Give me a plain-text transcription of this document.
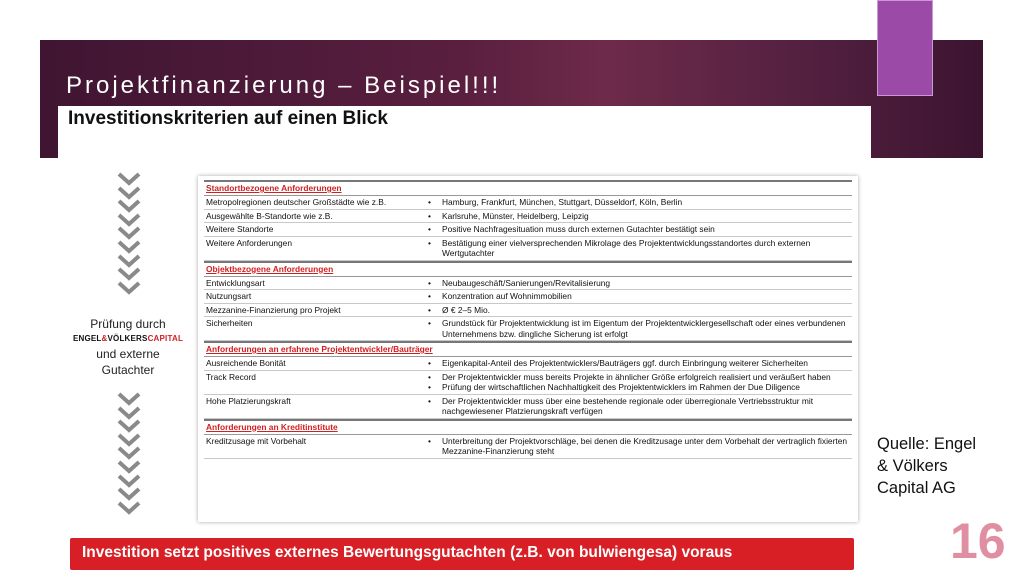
Projektfinanzierung – Beispiel!!!
Investitionskriterien auf einen Blick
Prüfung durch
ENGEL&VÖLKERSCAPITAL
und externe
Gutachter
Standortbezogene Anforderungen
Metropolregionen deutscher Großstädte wie z.B.	•	Hamburg, Frankfurt, München, Stuttgart, Düsseldorf, Köln, Berlin
Ausgewählte B-Standorte wie z.B.	•	Karlsruhe, Münster, Heidelberg, Leipzig
Weitere Standorte	•	Positive Nachfragesituation muss durch externen Gutachter bestätigt sein
Weitere Anforderungen	•	Bestätigung einer vielversprechenden Mikrolage des Projektentwicklungsstandortes durch externen Wertgutachter
Objektbezogene Anforderungen
Entwicklungsart	•	Neubaugeschäft/Sanierungen/Revitalisierung
Nutzungsart	•	Konzentration auf Wohnimmobilien
Mezzanine-Finanzierung pro Projekt	•	Ø € 2–5 Mio.
Sicherheiten	•	Grundstück für Projektentwicklung ist im Eigentum der Projektentwicklergesellschaft oder eines verbundenen Unternehmens bzw. dingliche Sicherung ist erfolgt
Anforderungen an erfahrene Projektentwickler/Bauträger
Ausreichende Bonität	•	Eigenkapital-Anteil des Projektentwicklers/Bauträgers ggf. durch Einbringung weiterer Sicherheiten
Track Record	•	Der Projektentwickler muss bereits Projekte in ähnlicher Größe erfolgreich realisiert und veräußert haben
•	Prüfung der wirtschaftlichen Nachhaltigkeit des Projektentwicklers im Rahmen der Due Diligence
Hohe Platzierungskraft	•	Der Projektentwickler muss über eine bestehende regionale oder überregionale Vertriebsstruktur mit nachgewiesener Platzierungskraft verfügen
Anforderungen an Kreditinstitute
Kreditzusage mit Vorbehalt	•	Unterbreitung der Projektvorschläge, bei denen die Kreditzusage unter dem Vorbehalt der vertraglich fixierten Mezzanine-Finanzierung steht	Quelle: Engel
& Völkers
Capital AG
16
Investition setzt positives externes Bewertungsgutachten (z.B. von bulwiengesa) voraus
